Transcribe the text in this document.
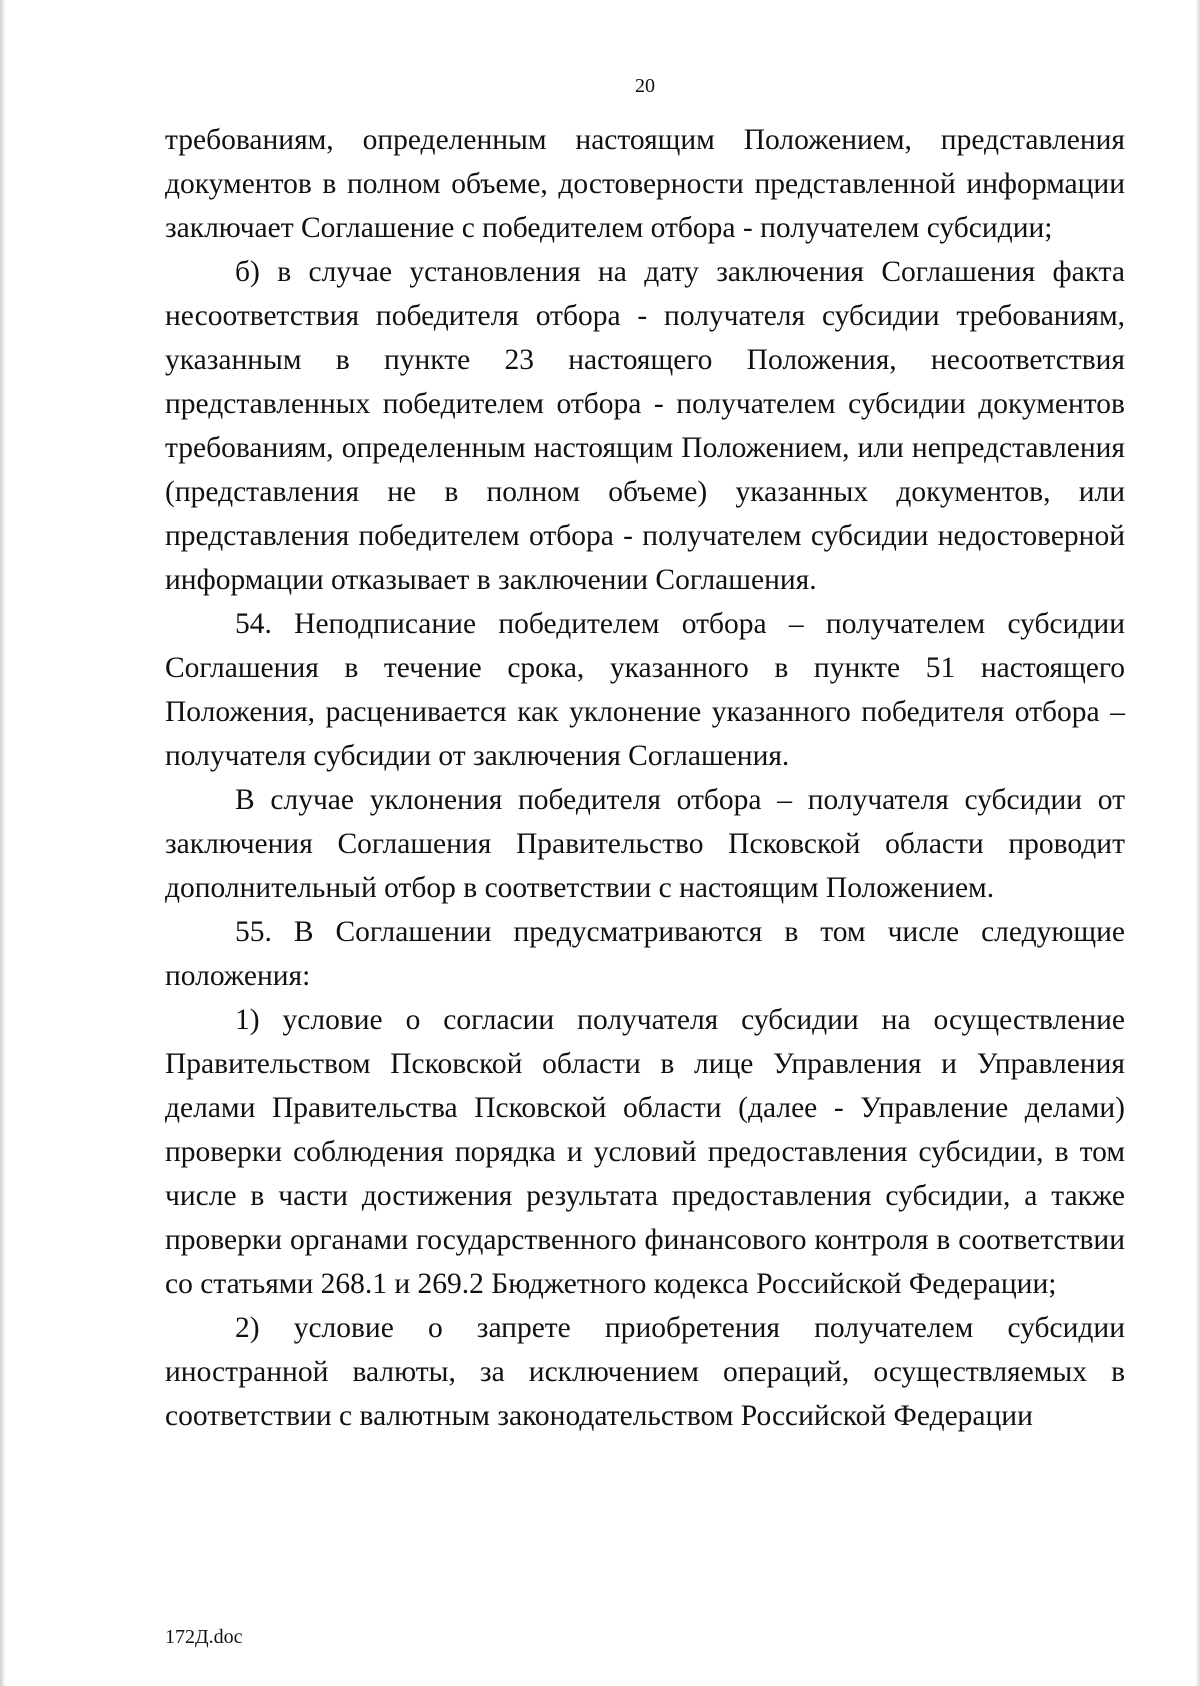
20

требованиям, определенным настоящим Положением, представления документов в полном объеме, достоверности представленной информации заключает Соглашение с победителем отбора - получателем субсидии;

б) в случае установления на дату заключения Соглашения факта несоответствия победителя отбора - получателя субсидии требованиям, указанным в пункте 23 настоящего Положения, несоответствия представленных победителем отбора - получателем субсидии документов требованиям, определенным настоящим Положением, или непредставления (представления не в полном объеме) указанных документов, или представления победителем отбора - получателем субсидии недостоверной информации отказывает в заключении Соглашения.

54. Неподписание победителем отбора – получателем субсидии Соглашения в течение срока, указанного в пункте 51 настоящего Положения, расценивается как уклонение указанного победителя отбора – получателя субсидии от заключения Соглашения.

В случае уклонения победителя отбора – получателя субсидии от заключения Соглашения Правительство Псковской области проводит дополнительный отбор в соответствии с настоящим Положением.

55. В Соглашении предусматриваются в том числе следующие положения:

1) условие о согласии получателя субсидии на осуществление Правительством Псковской области в лице Управления и Управления делами Правительства Псковской области (далее - Управление делами) проверки соблюдения порядка и условий предоставления субсидии, в том числе в части достижения результата предоставления субсидии, а также проверки органами государственного финансового контроля в соответствии со статьями 268.1 и 269.2 Бюджетного кодекса Российской Федерации;

2) условие о запрете приобретения получателем субсидии иностранной валюты, за исключением операций, осуществляемых в соответствии с валютным законодательством Российской Федерации

172Д.doc
